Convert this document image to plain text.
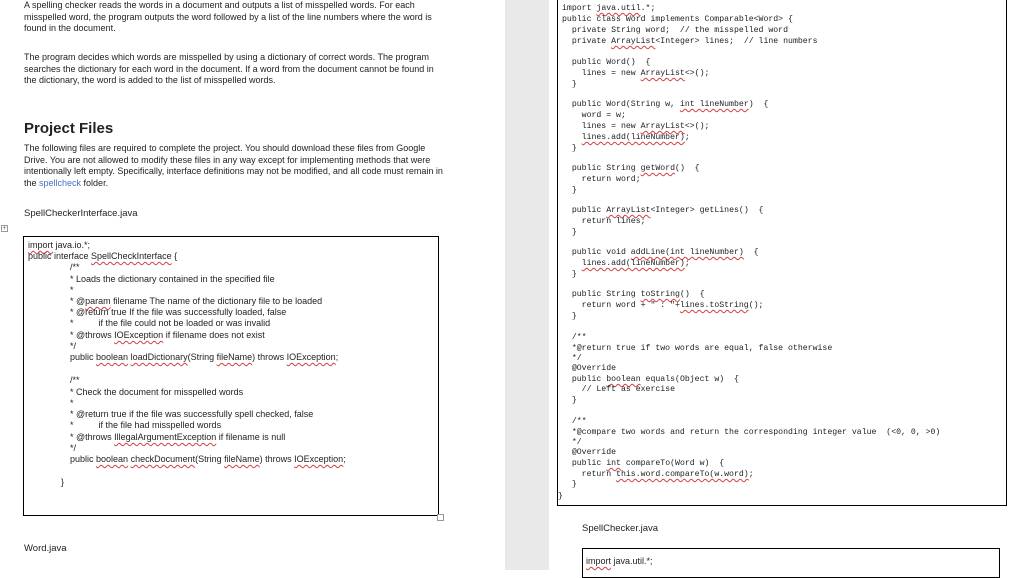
A spelling checker reads the words in a document and outputs a list of misspelled words. For each misspelled word, the program outputs the word followed by a list of the line numbers where the word is found in the document.

The program decides which words are misspelled by using a dictionary of correct words. The program searches the dictionary for each word in the document. If a word from the document cannot be found in the dictionary, the word is added to the list of misspelled words.

Project Files

The following files are required to complete the project. You should download these files from Google Drive. You are not allowed to modify these files in any way except for implementing methods that were intentionally left empty. Specifically, interface definitions may not be modified, and all code must remain in the spellcheck folder.

SpellCheckerInterface.java

+

import java.io.*;

public interface SpellCheckInterface {

/**

* Loads the dictionary contained in the specified file

*

* @param filename The name of the dictionary file to be loaded

* @return true If the file was successfully loaded, false

*          if the file could not be loaded or was invalid

* @throws IOException if filename does not exist

*/

public boolean loadDictionary(String fileName) throws IOException;

/**

* Check the document for misspelled words

*

* @return true if the file was successfully spell checked, false

*          if the file had misspelled words

* @throws IllegalArgumentException if filename is null

*/

public boolean checkDocument(String fileName) throws IOException;

}

Word.java

import java.util.*;

public class Word implements Comparable<Word> {

private String word;  // the misspelled word

private ArrayList<Integer> lines;  // line numbers

public Word()  {

lines = new ArrayList<>();

}

public Word(String w, int lineNumber)  {

word = w;

lines = new ArrayList<>();

lines.add(lineNumber);

}

public String getWord()  {

return word;

}

public ArrayList<Integer> getLines()  {

return lines;

}

public void addLine(int lineNumber)  {

lines.add(lineNumber);

}

public String toString()  {

return word + " : "+lines.toString();

}

/**

*@return true if two words are equal, false otherwise

*/

@Override

public boolean equals(Object w)  {

// Left as exercise

}

/**

*@compare two words and return the corresponding integer value  (<0, 0, >0)

*/

@Override

public int compareTo(Word w)  {

return this.word.compareTo(w.word);

}

}

SpellChecker.java

import java.util.*;
